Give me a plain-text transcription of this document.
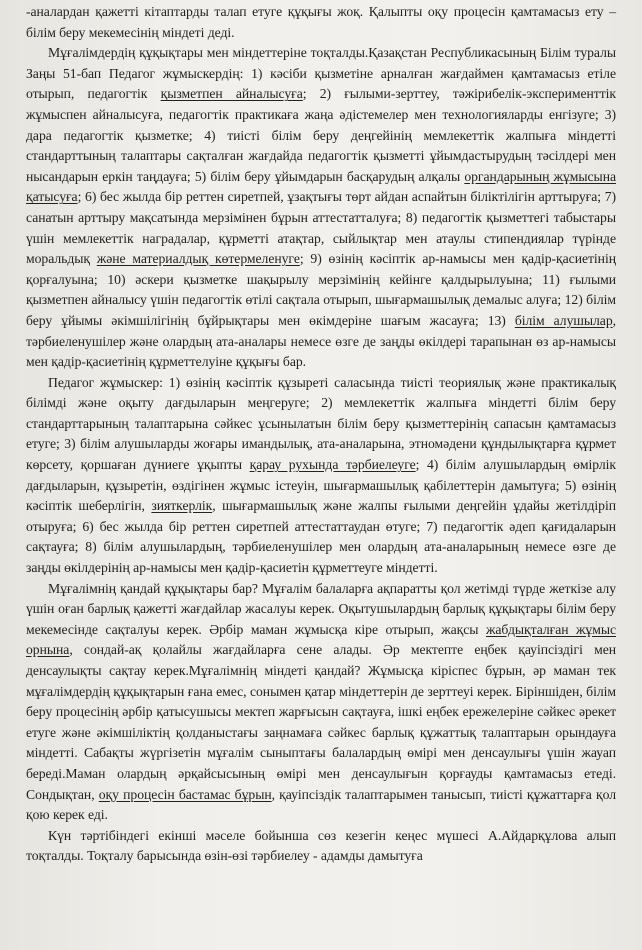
-аналардан қажетті кітаптарды талап етуге құқығы жоқ. Қалыпты оқу процесін қамтамасыз ету – білім беру мекемесінің міндеті деді.

Мұғалімдердің құқықтары мен міндеттеріне тоқталды.Қазақстан Республикасының Білім туралы Заңы 51-бап Педагог жұмыскердің: 1) кәсіби қызметіне арналған жағдаймен қамтамасыз етіле отырып, педагогтік қызметпен айналысуға; 2) ғылыми-зерттеу, тәжірибелік-эксперименттік жұмыспен айналысуға, педагогтік практикаға жаңа әдістемелер мен технологияларды енгізуге; 3) дара педагогтік қызметке; 4) тиісті білім беру деңгейінің мемлекеттік жалпыға міндетті стандарттының талаптары сақталған жағдайда педагогтік қызметті ұйымдастырудың тәсілдері мен нысандарын еркін таңдауға; 5) білім беру ұйымдарын басқарудың алқалы органдарының жұмысына қатысуға; 6) бес жылда бір реттен сиретпей, ұзақтығы төрт айдан аспайтын біліктілігін арттыруға; 7) санатын арттыру мақсатында мерзімінен бұрын аттестатталуға; 8) педагогтік қызметтегі табыстары үшін мемлекеттік наградалар, құрметті атақтар, сыйлықтар мен атаулы стипендиялар түрінде моральдық және материалдық көтермеленуге; 9) өзінің кәсіптік ар-намысы мен қадір-қасиетінің қорғалуына; 10) әскери қызметке шақырылу мерзімінің кейінге қалдырылуына; 11) ғылыми қызметпен айналысу үшін педагогтік өтілі сақтала отырып, шығармашылық демалыс алуға; 12) білім беру ұйымы әкімшілігінің бұйрықтары мен өкімдеріне шағым жасауға; 13) білім алушылар, тәрбиеленушілер және олардың ата-аналары немесе өзге де заңды өкілдері тарапынан өз ар-намысы мен қадір-қасиетінің құрметтелуіне құқығы бар.

Педагог жұмыскер: 1) өзінің кәсіптік құзыреті саласында тиісті теориялық және практикалық білімді және оқыту дағдыларын меңгеруге; 2) мемлекеттік жалпыға міндетті білім беру стандарттарының талаптарына сәйкес ұсынылатын білім беру қызметтерінің сапасын қамтамасыз етуге; 3) білім алушыларды жоғары имандылық, ата-аналарына, этномәдени құндылықтарға құрмет көрсету, қоршаған дүниеге ұқыпты қарау рухында тәрбиелеуге; 4) білім алушылардың өмірлік дағдыларын, құзыретін, өздігінен жұмыс істеуін, шығармашылық қабілеттерін дамытуға; 5) өзінің кәсіптік шеберлігін, зияткерлік, шығармашылық және жалпы ғылыми деңгейін ұдайы жетілдіріп отыруға; 6) бес жылда бір реттен сиретпей аттестаттаудан өтуге; 7) педагогтік әдеп қағидаларын сақтауға; 8) білім алушылардың, тәрбиеленушілер мен олардың ата-аналарының немесе өзге де заңды өкілдерінің ар-намысы мен қадір-қасиетін құрметтеуге міндетті.

Мұғалімнің қандай құқықтары бар? Мұғалім балаларға ақпаратты қол жетімді түрде жеткізе алу үшін оған барлық қажетті жағдайлар жасалуы керек. Оқытушылардың барлық құқықтары білім беру мекемесінде сақталуы керек. Әрбір маман жұмысқа кіре отырып, жақсы жабдықталған жұмыс орнына, сондай-ақ қолайлы жағдайларға сене алады. Әр мектепте еңбек қауіпсіздігі мен денсаулықты сақтау керек.Мұғалімнің міндеті қандай? Жұмысқа кіріспес бұрын, әр маман тек мұғалімдердің құқықтарын ғана емес, сонымен қатар міндеттерін де зерттеуі керек. Біріншіден, білім беру процесінің әрбір қатысушысы мектеп жарғысын сақтауға, ішкі еңбек ережелеріне сәйкес әрекет етуге және әкімшіліктің қолданыстағы заңнамаға сәйкес барлық құжаттық талаптарын орындауға міндетті. Сабақты жүргізетін мұғалім сыныптағы балалардың өмірі мен денсаулығы үшін жауап береді.Маман олардың әрқайсысының өмірі мен денсаулығын қорғауды қамтамасыз етеді. Сондықтан, оқу процесін бастамас бұрын, қауіпсіздік талаптарымен танысып, тиісті құжаттарға қол қою керек еді.

Күн тәртібіндегі екінші мәселе бойынша сөз кезегін кеңес мүшесі А.Айдарқұлова алып тоқталды. Тоқталу барысында өзін-өзі тәрбиелеу - адамды дамытуға
